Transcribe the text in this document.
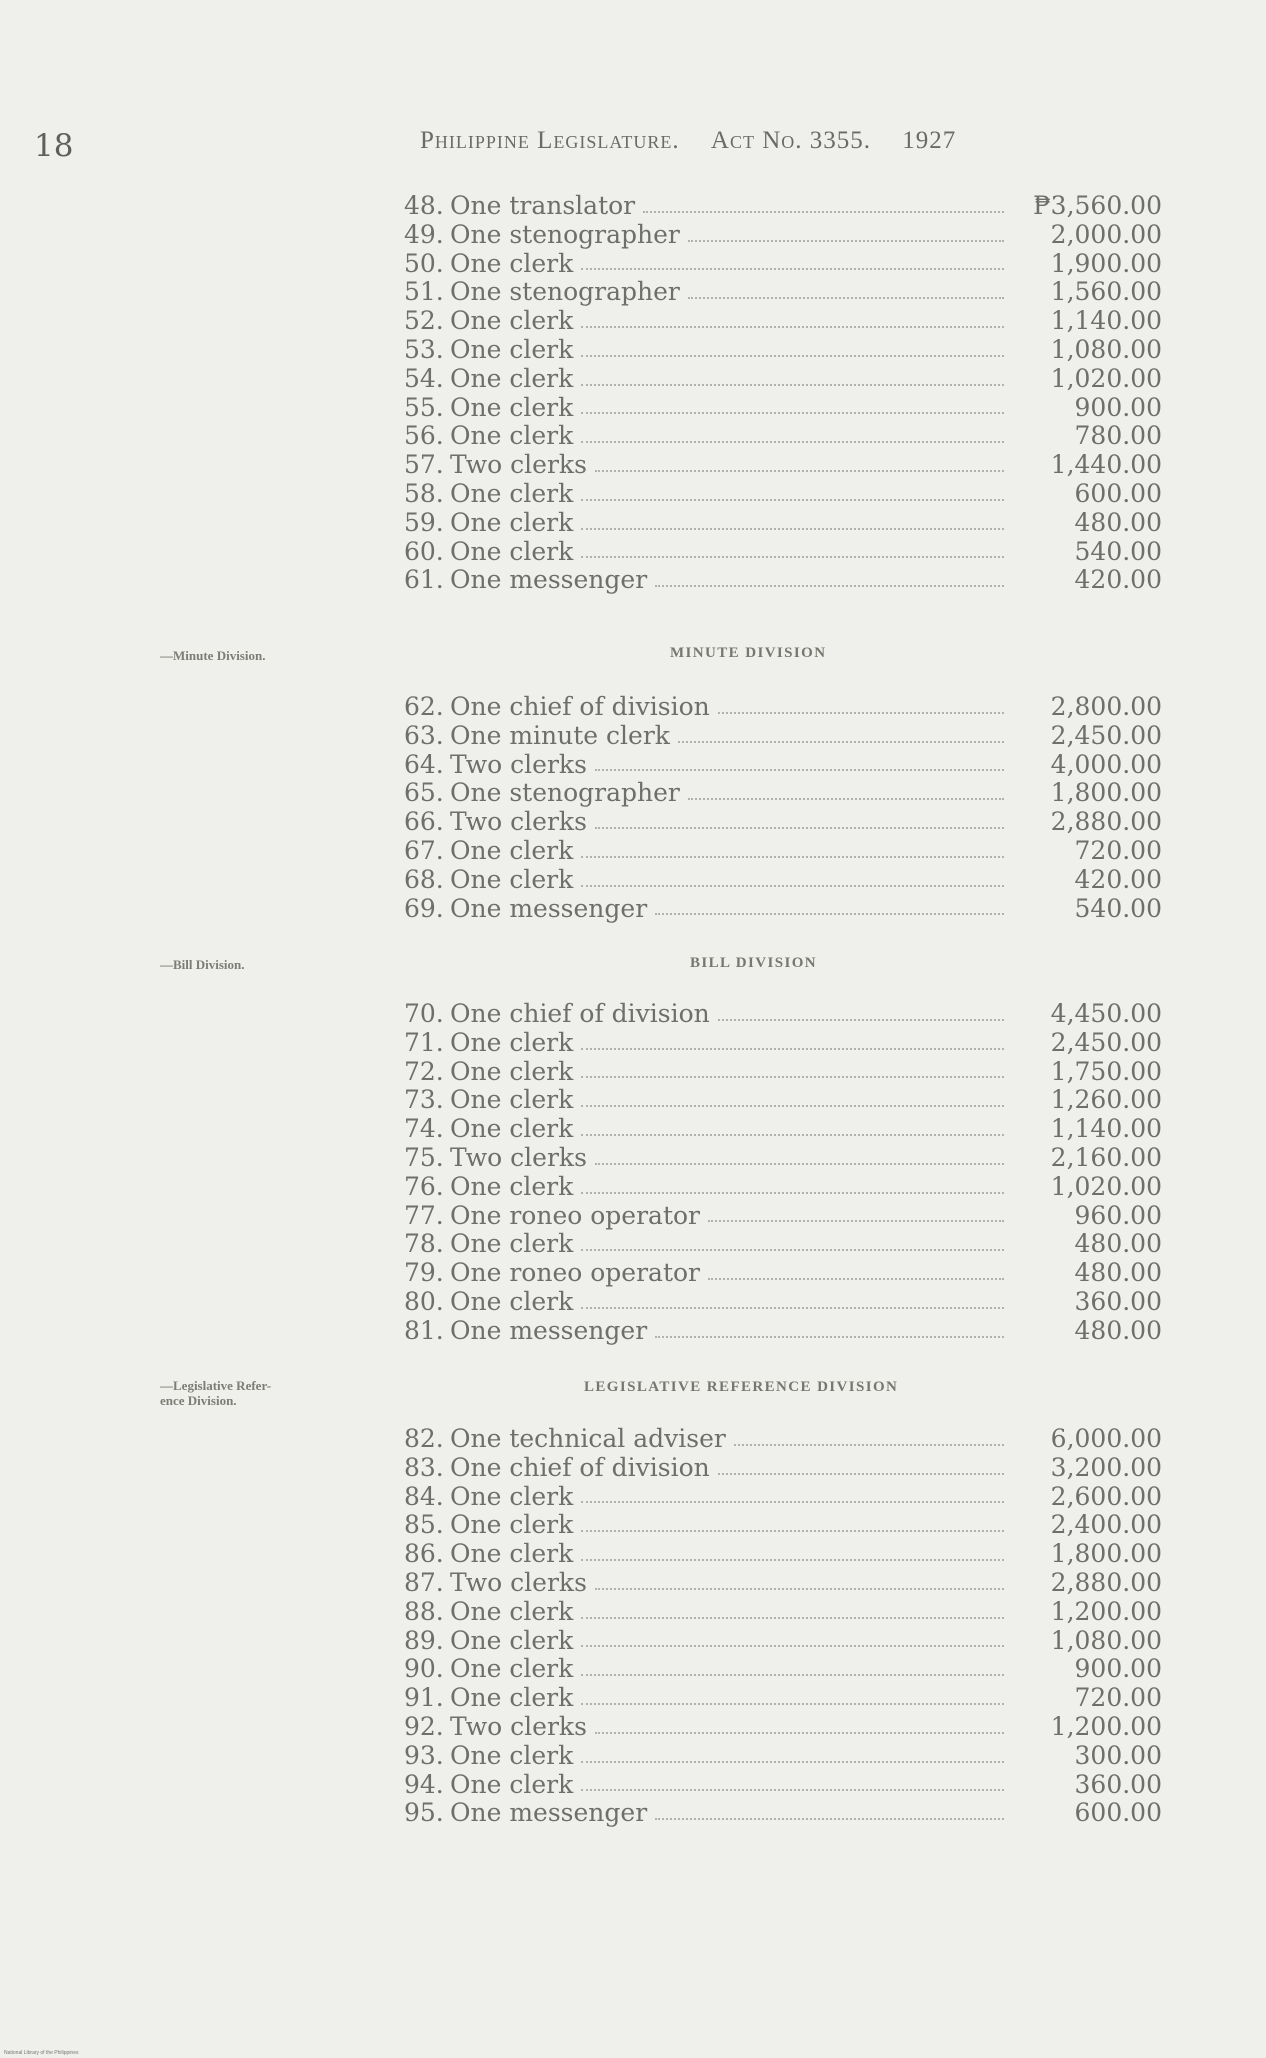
18	Philippine Legislature. Act No. 3355. 1927
48. One translator	₱3,560.00
49. One stenographer	2,000.00
50. One clerk	1,900.00
51. One stenographer	1,560.00
52. One clerk	1,140.00
53. One clerk	1,080.00
54. One clerk	1,020.00
55. One clerk	900.00
56. One clerk	780.00
57. Two clerks	1,440.00
58. One clerk	600.00
59. One clerk	480.00
60. One clerk	540.00
61. One messenger	420.00
—Minute Division.	MINUTE DIVISION
62. One chief of division	2,800.00
63. One minute clerk	2,450.00
64. Two clerks	4,000.00
65. One stenographer	1,800.00
66. Two clerks	2,880.00
67. One clerk	720.00
68. One clerk	420.00
69. One messenger	540.00
—Bill Division.	BILL DIVISION
70. One chief of division	4,450.00
71. One clerk	2,450.00
72. One clerk	1,750.00
73. One clerk	1,260.00
74. One clerk	1,140.00
75. Two clerks	2,160.00
76. One clerk	1,020.00
77. One roneo operator	960.00
78. One clerk	480.00
79. One roneo operator	480.00
80. One clerk	360.00
81. One messenger	480.00
—Legislative Refer-
ence Division.
LEGISLATIVE REFERENCE DIVISION
82. One technical adviser	6,000.00
83. One chief of division	3,200.00
84. One clerk	2,600.00
85. One clerk	2,400.00
86. One clerk	1,800.00
87. Two clerks	2,880.00
88. One clerk	1,200.00
89. One clerk	1,080.00
90. One clerk	900.00
91. One clerk	720.00
92. Two clerks	1,200.00
93. One clerk	300.00
94. One clerk	360.00
95. One messenger	600.00
National Library of the Philippines
